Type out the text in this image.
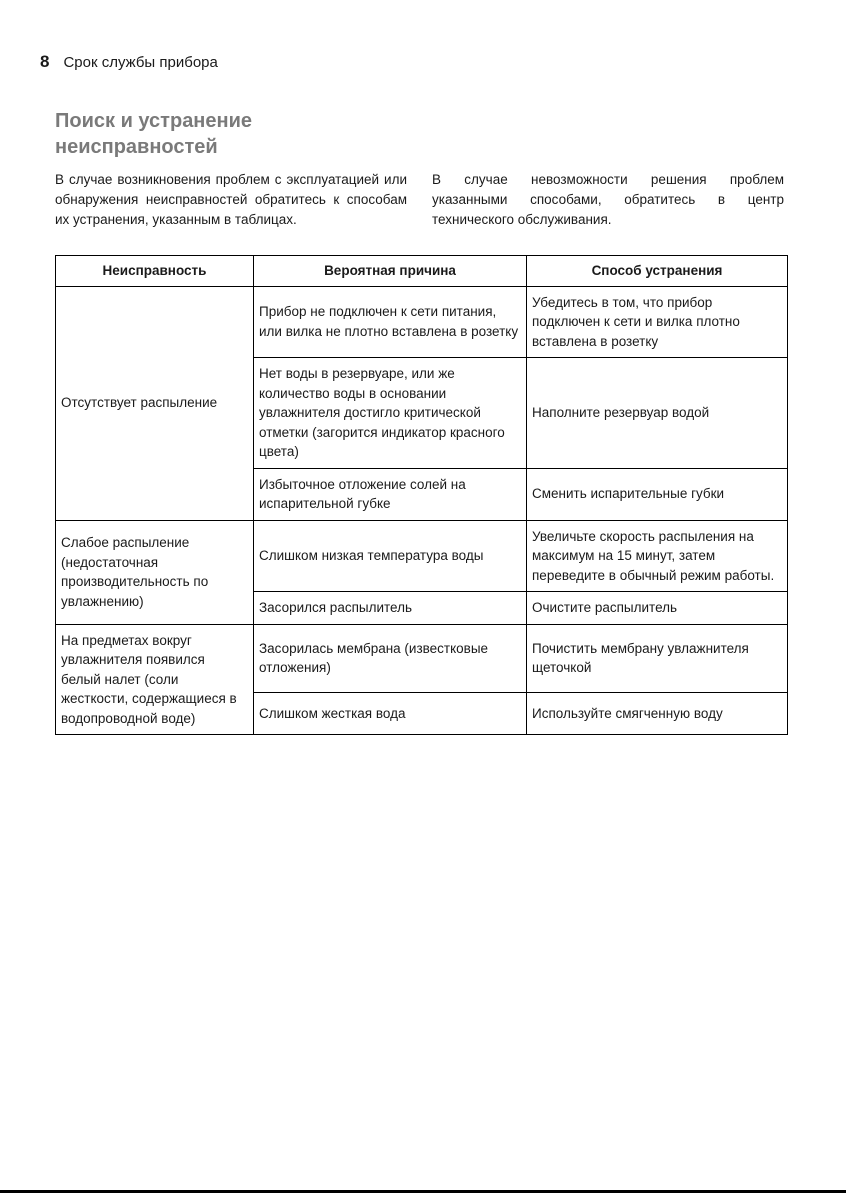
8 Срок службы прибора
Поиск и устранение неисправностей
В случае возникновения проблем с эксплуатацией или обнаружения неисправностей обратитесь к способам их устранения, указанным в таблицах.
В случае невозможности решения проблем указанными способами, обратитесь в центр технического обслуживания.
Неисправность	Вероятная причина	Способ устранения
Отсутствует распыление	Прибор не подключен к сети питания, или вилка не плотно вставлена в розетку	Убедитесь в том, что прибор подключен к сети и вилка плотно вставлена в розетку
	Нет воды в резервуаре, или же количество воды в основании увлажнителя достигло критической отметки (загорится индикатор красного цвета)	Наполните резервуар водой
	Избыточное отложение солей на испарительной губке	Сменить испарительные губки
Слабое распыление (недостаточная производительность по увлажнению)	Слишком низкая температура воды	Увеличьте скорость распыления на максимум на 15 минут, затем переведите в обычный режим работы.
	Засорился распылитель	Очистите распылитель
На предметах вокруг увлажнителя появился белый налет (соли жесткости, содержащиеся в водопроводной воде)	Засорилась мембрана (известковые отложения)	Почистить мембрану увлажнителя щеточкой
	Слишком жесткая вода	Используйте смягченную воду
